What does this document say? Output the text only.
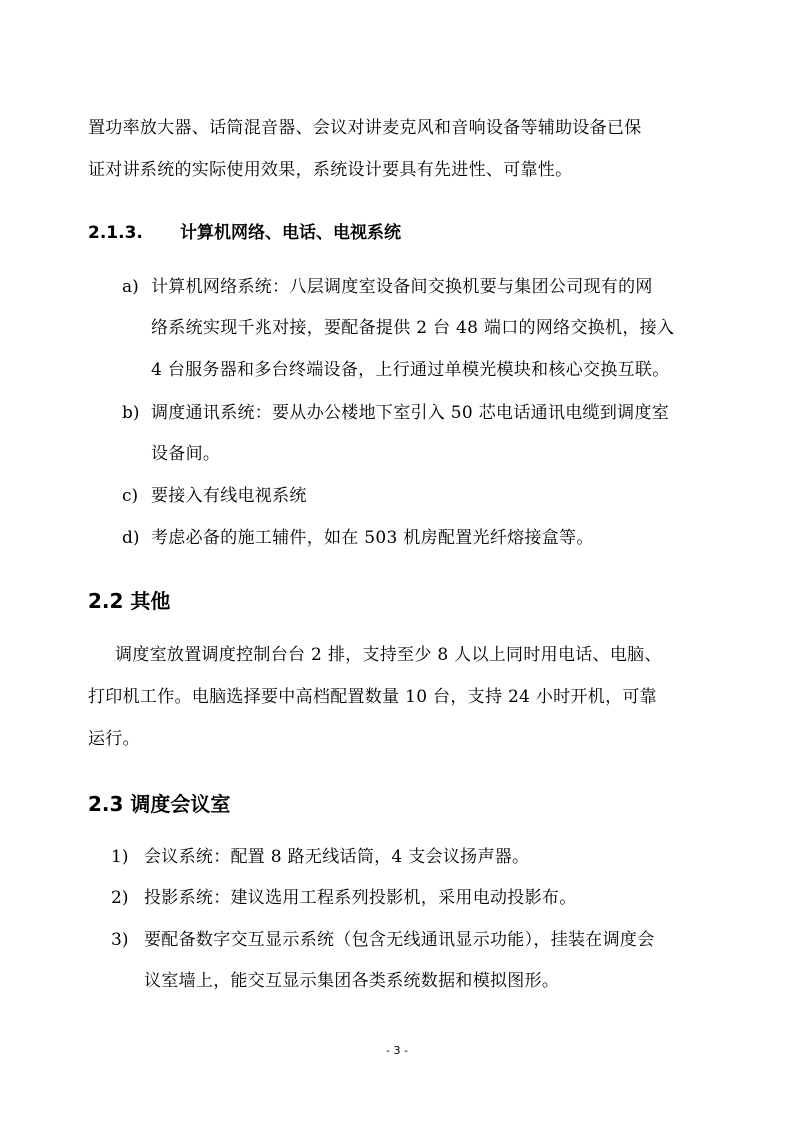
置功率放大器、话筒混音器、会议对讲麦克风和音响设备等辅助设备已保
证对讲系统的实际使用效果，系统设计要具有先进性、可靠性。
2.1.3. 计算机网络、电话、电视系统
a) 计算机网络系统：八层调度室设备间交换机要与集团公司现有的网
络系统实现千兆对接，要配备提供 2 台 48 端口的网络交换机，接入
4 台服务器和多台终端设备，上行通过单模光模块和核心交换互联。
b) 调度通讯系统：要从办公楼地下室引入 50 芯电话通讯电缆到调度室
设备间。
c) 要接入有线电视系统
d) 考虑必备的施工辅件，如在 503 机房配置光纤熔接盒等。
2.2 其他
调度室放置调度控制台台 2 排，支持至少 8 人以上同时用电话、电脑、
打印机工作。电脑选择要中高档配置数量 10 台，支持 24 小时开机，可靠
运行。
2.3 调度会议室
1) 会议系统：配置 8 路无线话筒，4 支会议扬声器。
2) 投影系统：建议选用工程系列投影机，采用电动投影布。
3) 要配备数字交互显示系统（包含无线通讯显示功能），挂装在调度会
议室墙上，能交互显示集团各类系统数据和模拟图形。
- 3 -
